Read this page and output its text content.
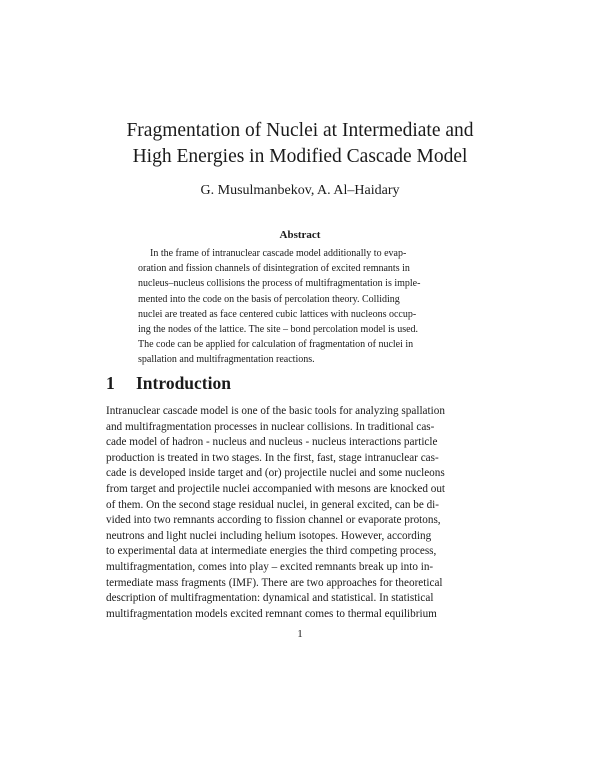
Fragmentation of Nuclei at Intermediate and
High Energies in Modified Cascade Model
G. Musulmanbekov, A. Al–Haidary
Abstract
In the frame of intranuclear cascade model additionally to evap-
oration and fission channels of disintegration of excited remnants in
nucleus–nucleus collisions the process of multifragmentation is imple-
mented into the code on the basis of percolation theory. Colliding
nuclei are treated as face centered cubic lattices with nucleons occup-
ing the nodes of the lattice. The site – bond percolation model is used.
The code can be applied for calculation of fragmentation of nuclei in
spallation and multifragmentation reactions.
1 Introduction
Intranuclear cascade model is one of the basic tools for analyzing spallation
and multifragmentation processes in nuclear collisions. In traditional cas-
cade model of hadron - nucleus and nucleus - nucleus interactions particle
production is treated in two stages. In the first, fast, stage intranuclear cas-
cade is developed inside target and (or) projectile nuclei and some nucleons
from target and projectile nuclei accompanied with mesons are knocked out
of them. On the second stage residual nuclei, in general excited, can be di-
vided into two remnants according to fission channel or evaporate protons,
neutrons and light nuclei including helium isotopes. However, according
to experimental data at intermediate energies the third competing process,
multifragmentation, comes into play – excited remnants break up into in-
termediate mass fragments (IMF). There are two approaches for theoretical
description of multifragmentation: dynamical and statistical. In statistical
multifragmentation models excited remnant comes to thermal equilibrium
1
